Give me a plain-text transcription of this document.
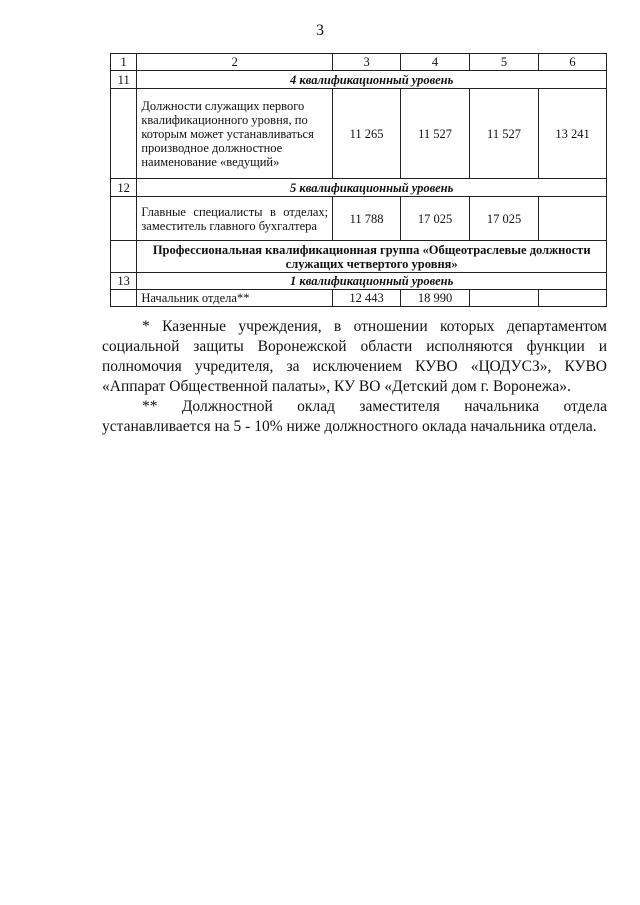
3
1	2	3	4	5	6
11	4 квалификационный уровень				
	Должности служащих первого квалификационного уровня, по которым может устанавливаться производное должностное наименование «ведущий»	11 265	11 527	11 527	13 241
12	5 квалификационный уровень				
	Главные специалисты в отделах; заместитель главного бухгалтера	11 788	17 025	17 025	
	Профессиональная квалификационная группа «Общеотраслевые должности служащих четвертого уровня»				
13	1 квалификационный уровень				
	Начальник отдела**	12 443	18 990		

* Казенные учреждения, в отношении которых департаментом социальной защиты Воронежской области исполняются функции и полномочия учредителя, за исключением КУВО «ЦОДУСЗ», КУВО «Аппарат Общественной палаты», КУ ВО «Детский дом г. Воронежа».

** Должностной оклад заместителя начальника отдела устанавливается на 5 - 10% ниже должностного оклада начальника отдела.
